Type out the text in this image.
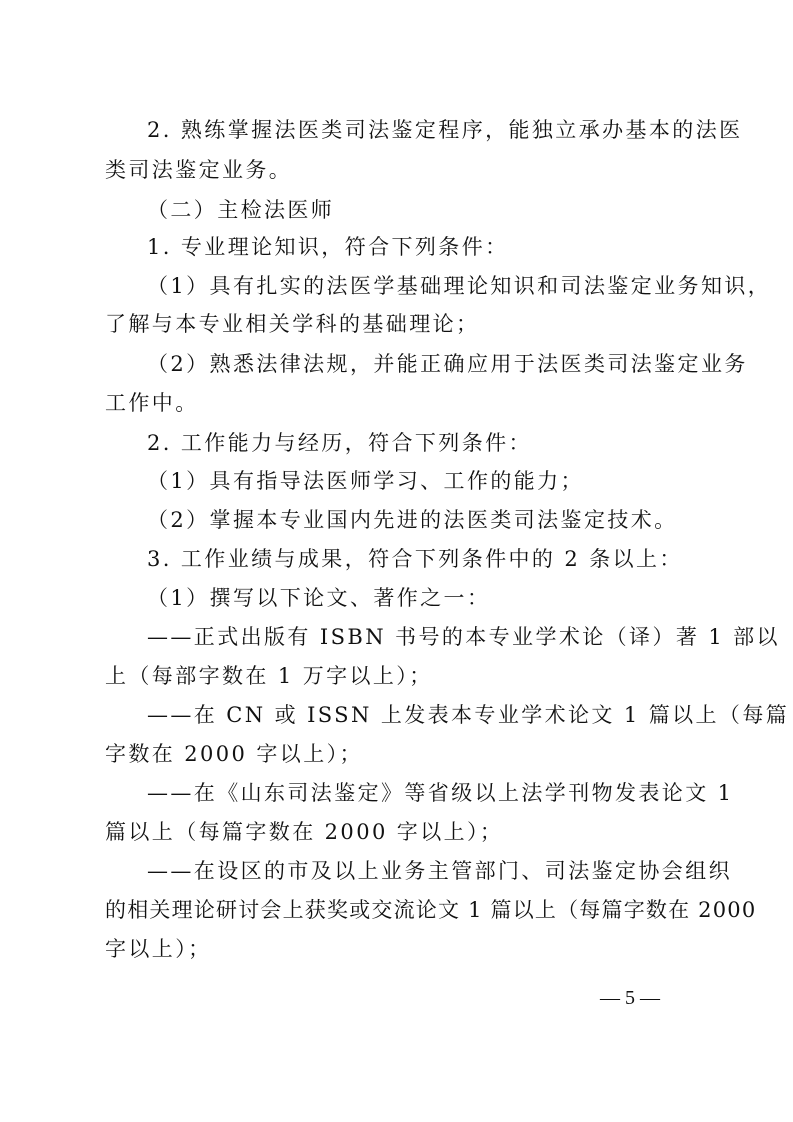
2. 熟练掌握法医类司法鉴定程序，能独立承办基本的法医
类司法鉴定业务。
（二）主检法医师
1. 专业理论知识，符合下列条件：
（1）具有扎实的法医学基础理论知识和司法鉴定业务知识，
了解与本专业相关学科的基础理论；
（2）熟悉法律法规，并能正确应用于法医类司法鉴定业务
工作中。
2. 工作能力与经历，符合下列条件：
（1）具有指导法医师学习、工作的能力；
（2）掌握本专业国内先进的法医类司法鉴定技术。
3. 工作业绩与成果，符合下列条件中的 2 条以上：
（1）撰写以下论文、著作之一：
——正式出版有 ISBN 书号的本专业学术论（译）著 1 部以
上（每部字数在 1 万字以上）；
——在 CN 或 ISSN 上发表本专业学术论文 1 篇以上（每篇
字数在 2000 字以上）；
——在《山东司法鉴定》等省级以上法学刊物发表论文 1
篇以上（每篇字数在 2000 字以上）；
——在设区的市及以上业务主管部门、司法鉴定协会组织
的相关理论研讨会上获奖或交流论文 1 篇以上（每篇字数在 2000
字以上）；
— 5 —
